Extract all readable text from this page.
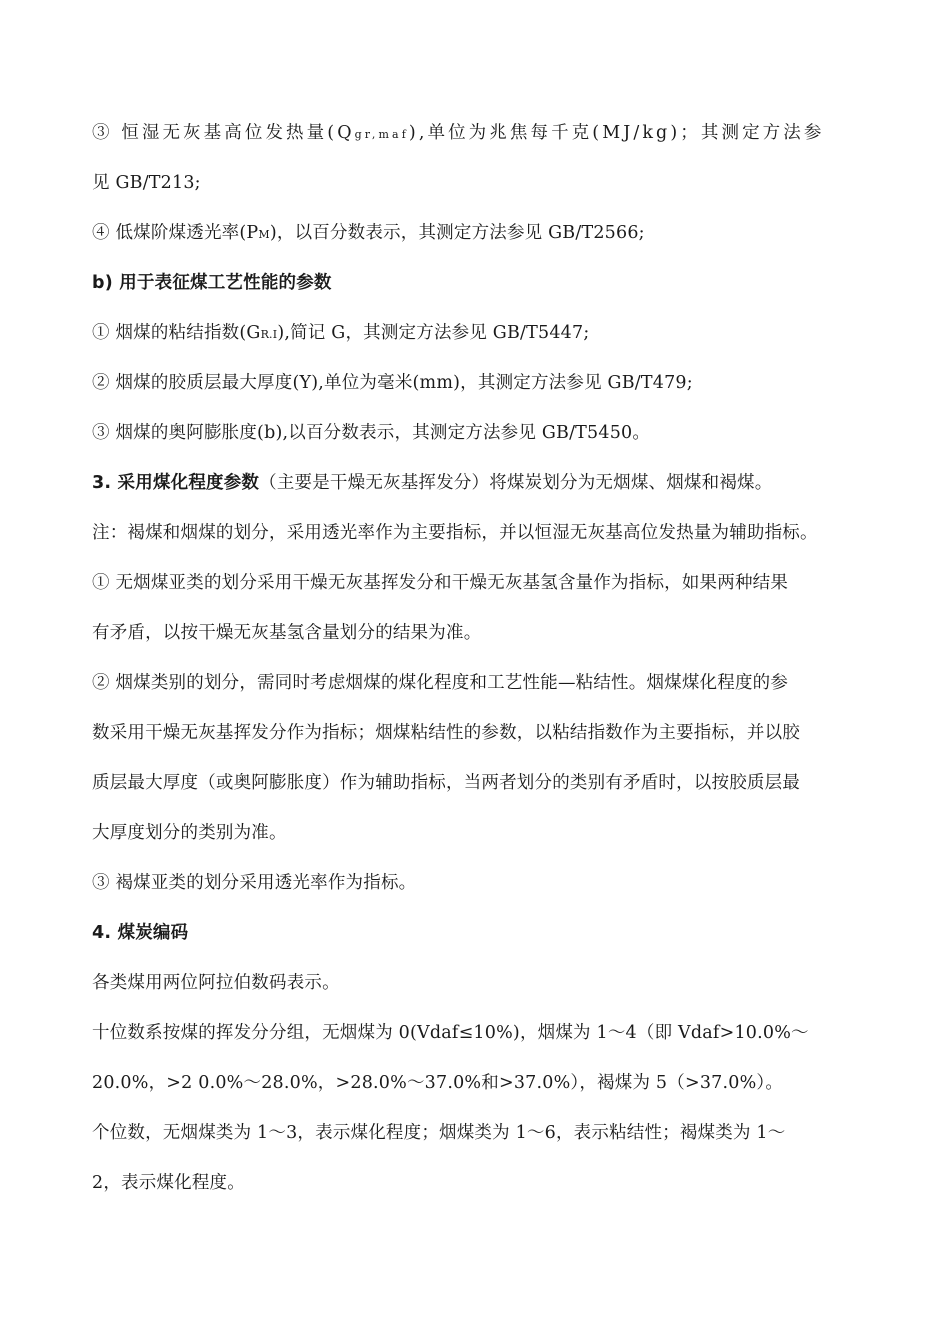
③ 恒湿无灰基高位发热量(Qgr,maf),单位为兆焦每千克(MJ/kg)；其测定方法参
见 GB/T213;
④ 低煤阶煤透光率(PM)，以百分数表示，其测定方法参见 GB/T2566;
b) 用于表征煤工艺性能的参数
① 烟煤的粘结指数(GR.I),简记 G，其测定方法参见 GB/T5447;
② 烟煤的胶质层最大厚度(Y),单位为毫米(mm)，其测定方法参见 GB/T479;
③ 烟煤的奥阿膨胀度(b),以百分数表示，其测定方法参见 GB/T5450。
3. 采用煤化程度参数（主要是干燥无灰基挥发分）将煤炭划分为无烟煤、烟煤和褐煤。
注：褐煤和烟煤的划分，采用透光率作为主要指标，并以恒湿无灰基高位发热量为辅助指标。
① 无烟煤亚类的划分采用干燥无灰基挥发分和干燥无灰基氢含量作为指标，如果两种结果
有矛盾，以按干燥无灰基氢含量划分的结果为准。
② 烟煤类别的划分，需同时考虑烟煤的煤化程度和工艺性能—粘结性。烟煤煤化程度的参
数采用干燥无灰基挥发分作为指标；烟煤粘结性的参数，以粘结指数作为主要指标，并以胶
质层最大厚度（或奥阿膨胀度）作为辅助指标，当两者划分的类别有矛盾时，以按胶质层最
大厚度划分的类别为准。
③ 褐煤亚类的划分采用透光率作为指标。
4. 煤炭编码
各类煤用两位阿拉伯数码表示。
十位数系按煤的挥发分分组，无烟煤为 0(Vdaf≤10%)，烟煤为 1～4（即 Vdaf>10.0%～
20.0%，>2 0.0%～28.0%，>28.0%～37.0%和>37.0%），褐煤为 5（>37.0%）。
个位数，无烟煤类为 1～3，表示煤化程度；烟煤类为 1～6，表示粘结性；褐煤类为 1～
2，表示煤化程度。
